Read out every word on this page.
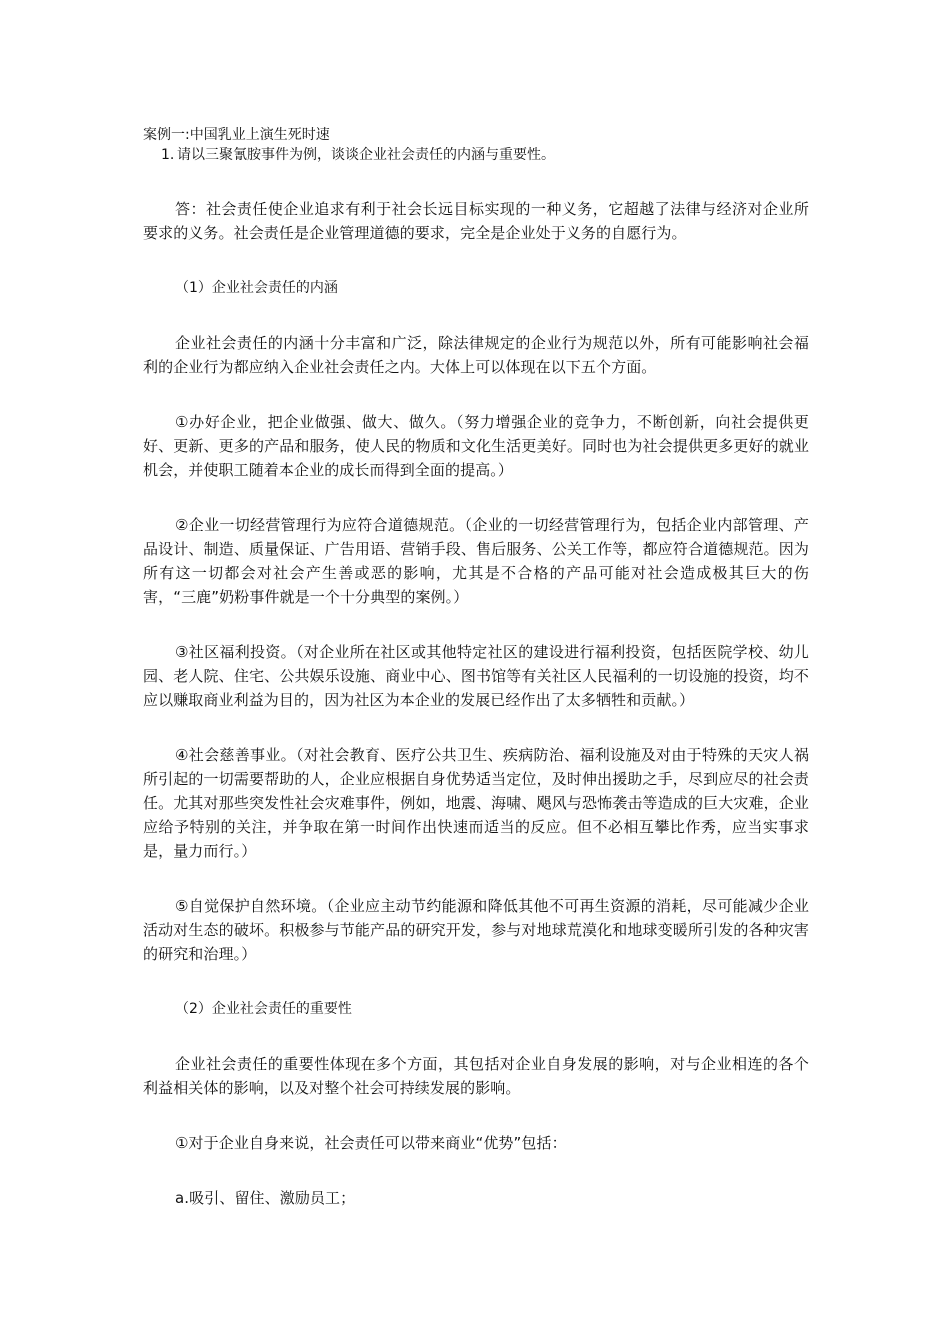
案例一:中国乳业上演生死时速

1. 请以三聚氰胺事件为例，谈谈企业社会责任的内涵与重要性。

答：社会责任使企业追求有利于社会长远目标实现的一种义务，它超越了法律与经济对企业所要求的义务。社会责任是企业管理道德的要求，完全是企业处于义务的自愿行为。

（1）企业社会责任的内涵

企业社会责任的内涵十分丰富和广泛，除法律规定的企业行为规范以外，所有可能影响社会福利的企业行为都应纳入企业社会责任之内。大体上可以体现在以下五个方面。

①办好企业，把企业做强、做大、做久。（努力增强企业的竞争力，不断创新，向社会提供更好、更新、更多的产品和服务，使人民的物质和文化生活更美好。同时也为社会提供更多更好的就业机会，并使职工随着本企业的成长而得到全面的提高。）

②企业一切经营管理行为应符合道德规范。（企业的一切经营管理行为，包括企业内部管理、产品设计、制造、质量保证、广告用语、营销手段、售后服务、公关工作等，都应符合道德规范。因为所有这一切都会对社会产生善或恶的影响，尤其是不合格的产品可能对社会造成极其巨大的伤害，“三鹿”奶粉事件就是一个十分典型的案例。）

③社区福利投资。（对企业所在社区或其他特定社区的建设进行福利投资，包括医院学校、幼儿园、老人院、住宅、公共娱乐设施、商业中心、图书馆等有关社区人民福利的一切设施的投资，均不应以赚取商业利益为目的，因为社区为本企业的发展已经作出了太多牺牲和贡献。）

④社会慈善事业。（对社会教育、医疗公共卫生、疾病防治、福利设施及对由于特殊的天灾人祸所引起的一切需要帮助的人，企业应根据自身优势适当定位，及时伸出援助之手，尽到应尽的社会责任。尤其对那些突发性社会灾难事件，例如，地震、海啸、飓风与恐怖袭击等造成的巨大灾难，企业应给予特别的关注，并争取在第一时间作出快速而适当的反应。但不必相互攀比作秀，应当实事求是，量力而行。）

⑤自觉保护自然环境。（企业应主动节约能源和降低其他不可再生资源的消耗，尽可能减少企业活动对生态的破坏。积极参与节能产品的研究开发，参与对地球荒漠化和地球变暖所引发的各种灾害的研究和治理。）

（2）企业社会责任的重要性

企业社会责任的重要性体现在多个方面，其包括对企业自身发展的影响，对与企业相连的各个利益相关体的影响，以及对整个社会可持续发展的影响。

①对于企业自身来说，社会责任可以带来商业“优势”包括：

a.吸引、留住、激励员工；
